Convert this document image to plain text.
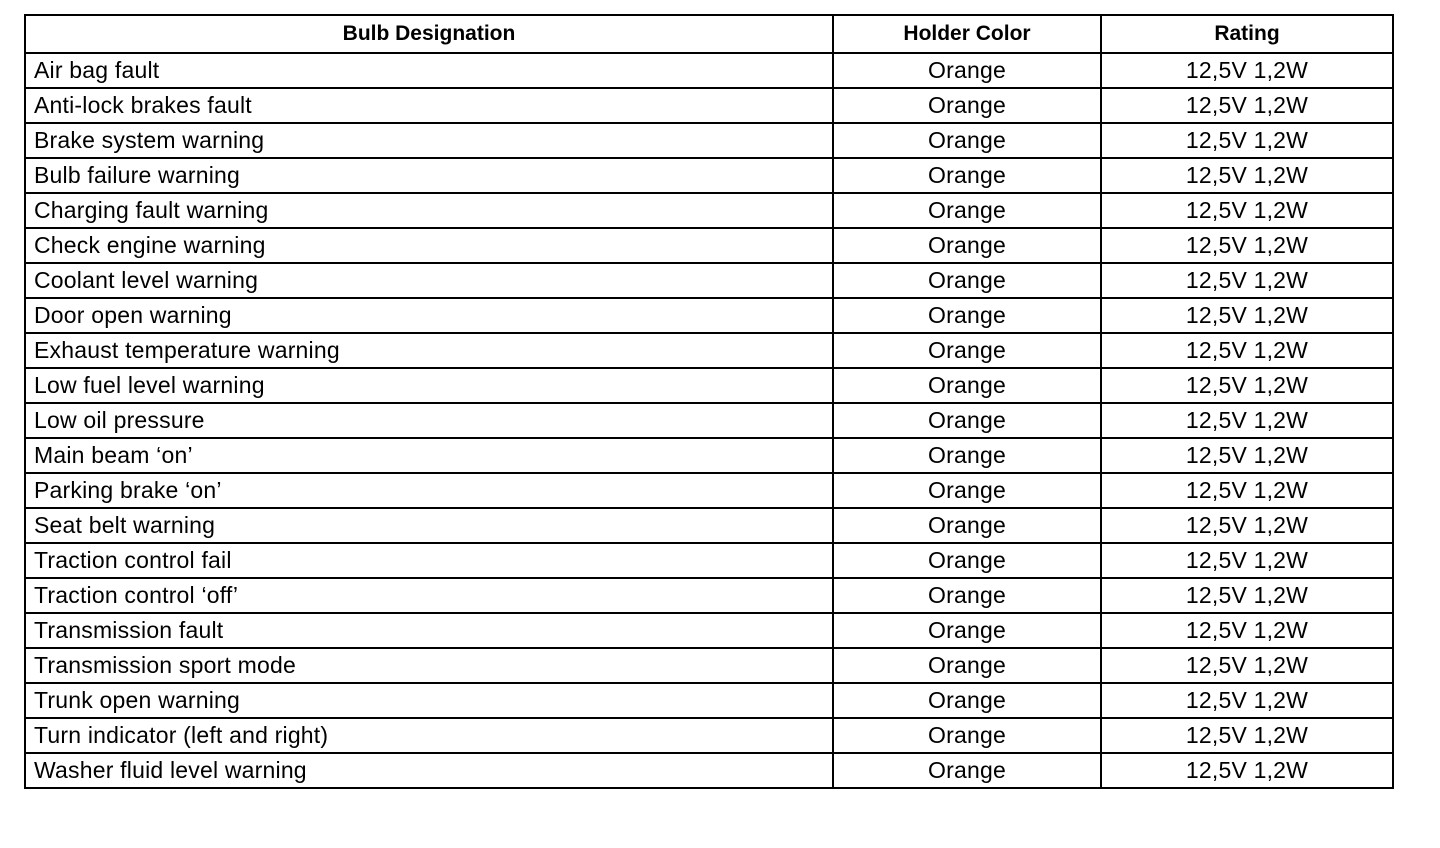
Bulb Designation	Holder Color	Rating
Air bag fault	Orange	12,5V 1,2W
Anti-lock brakes fault	Orange	12,5V 1,2W
Brake system warning	Orange	12,5V 1,2W
Bulb failure warning	Orange	12,5V 1,2W
Charging fault warning	Orange	12,5V 1,2W
Check engine warning	Orange	12,5V 1,2W
Coolant level warning	Orange	12,5V 1,2W
Door open warning	Orange	12,5V 1,2W
Exhaust temperature warning	Orange	12,5V 1,2W
Low fuel level warning	Orange	12,5V 1,2W
Low oil pressure	Orange	12,5V 1,2W
Main beam ‘on’	Orange	12,5V 1,2W
Parking brake ‘on’	Orange	12,5V 1,2W
Seat belt warning	Orange	12,5V 1,2W
Traction control fail	Orange	12,5V 1,2W
Traction control ‘off’	Orange	12,5V 1,2W
Transmission fault	Orange	12,5V 1,2W
Transmission sport mode	Orange	12,5V 1,2W
Trunk open warning	Orange	12,5V 1,2W
Turn indicator (left and right)	Orange	12,5V 1,2W
Washer fluid level warning	Orange	12,5V 1,2W
